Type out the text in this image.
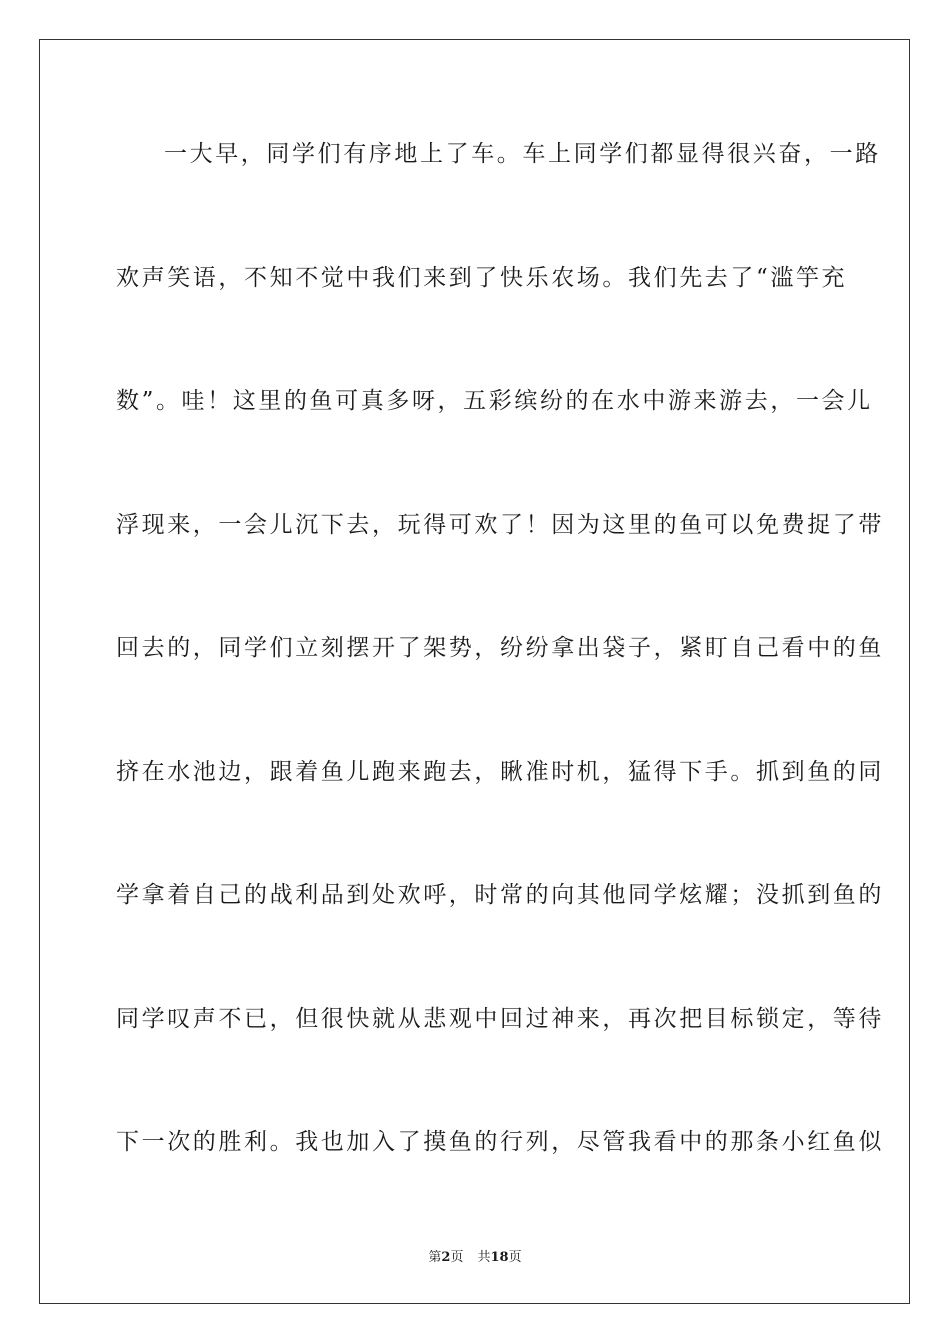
一大早，同学们有序地上了车。车上同学们都显得很兴奋，一路
欢声笑语，不知不觉中我们来到了快乐农场。我们先去了“滥竽充
数”。哇！这里的鱼可真多呀，五彩缤纷的在水中游来游去，一会儿
浮现来，一会儿沉下去，玩得可欢了！因为这里的鱼可以免费捉了带
回去的，同学们立刻摆开了架势，纷纷拿出袋子，紧盯自己看中的鱼
挤在水池边，跟着鱼儿跑来跑去，瞅准时机，猛得下手。抓到鱼的同
学拿着自己的战利品到处欢呼，时常的向其他同学炫耀；没抓到鱼的
同学叹声不已，但很快就从悲观中回过神来，再次把目标锁定，等待
下一次的胜利。我也加入了摸鱼的行列，尽管我看中的那条小红鱼似
第2页 共18页
